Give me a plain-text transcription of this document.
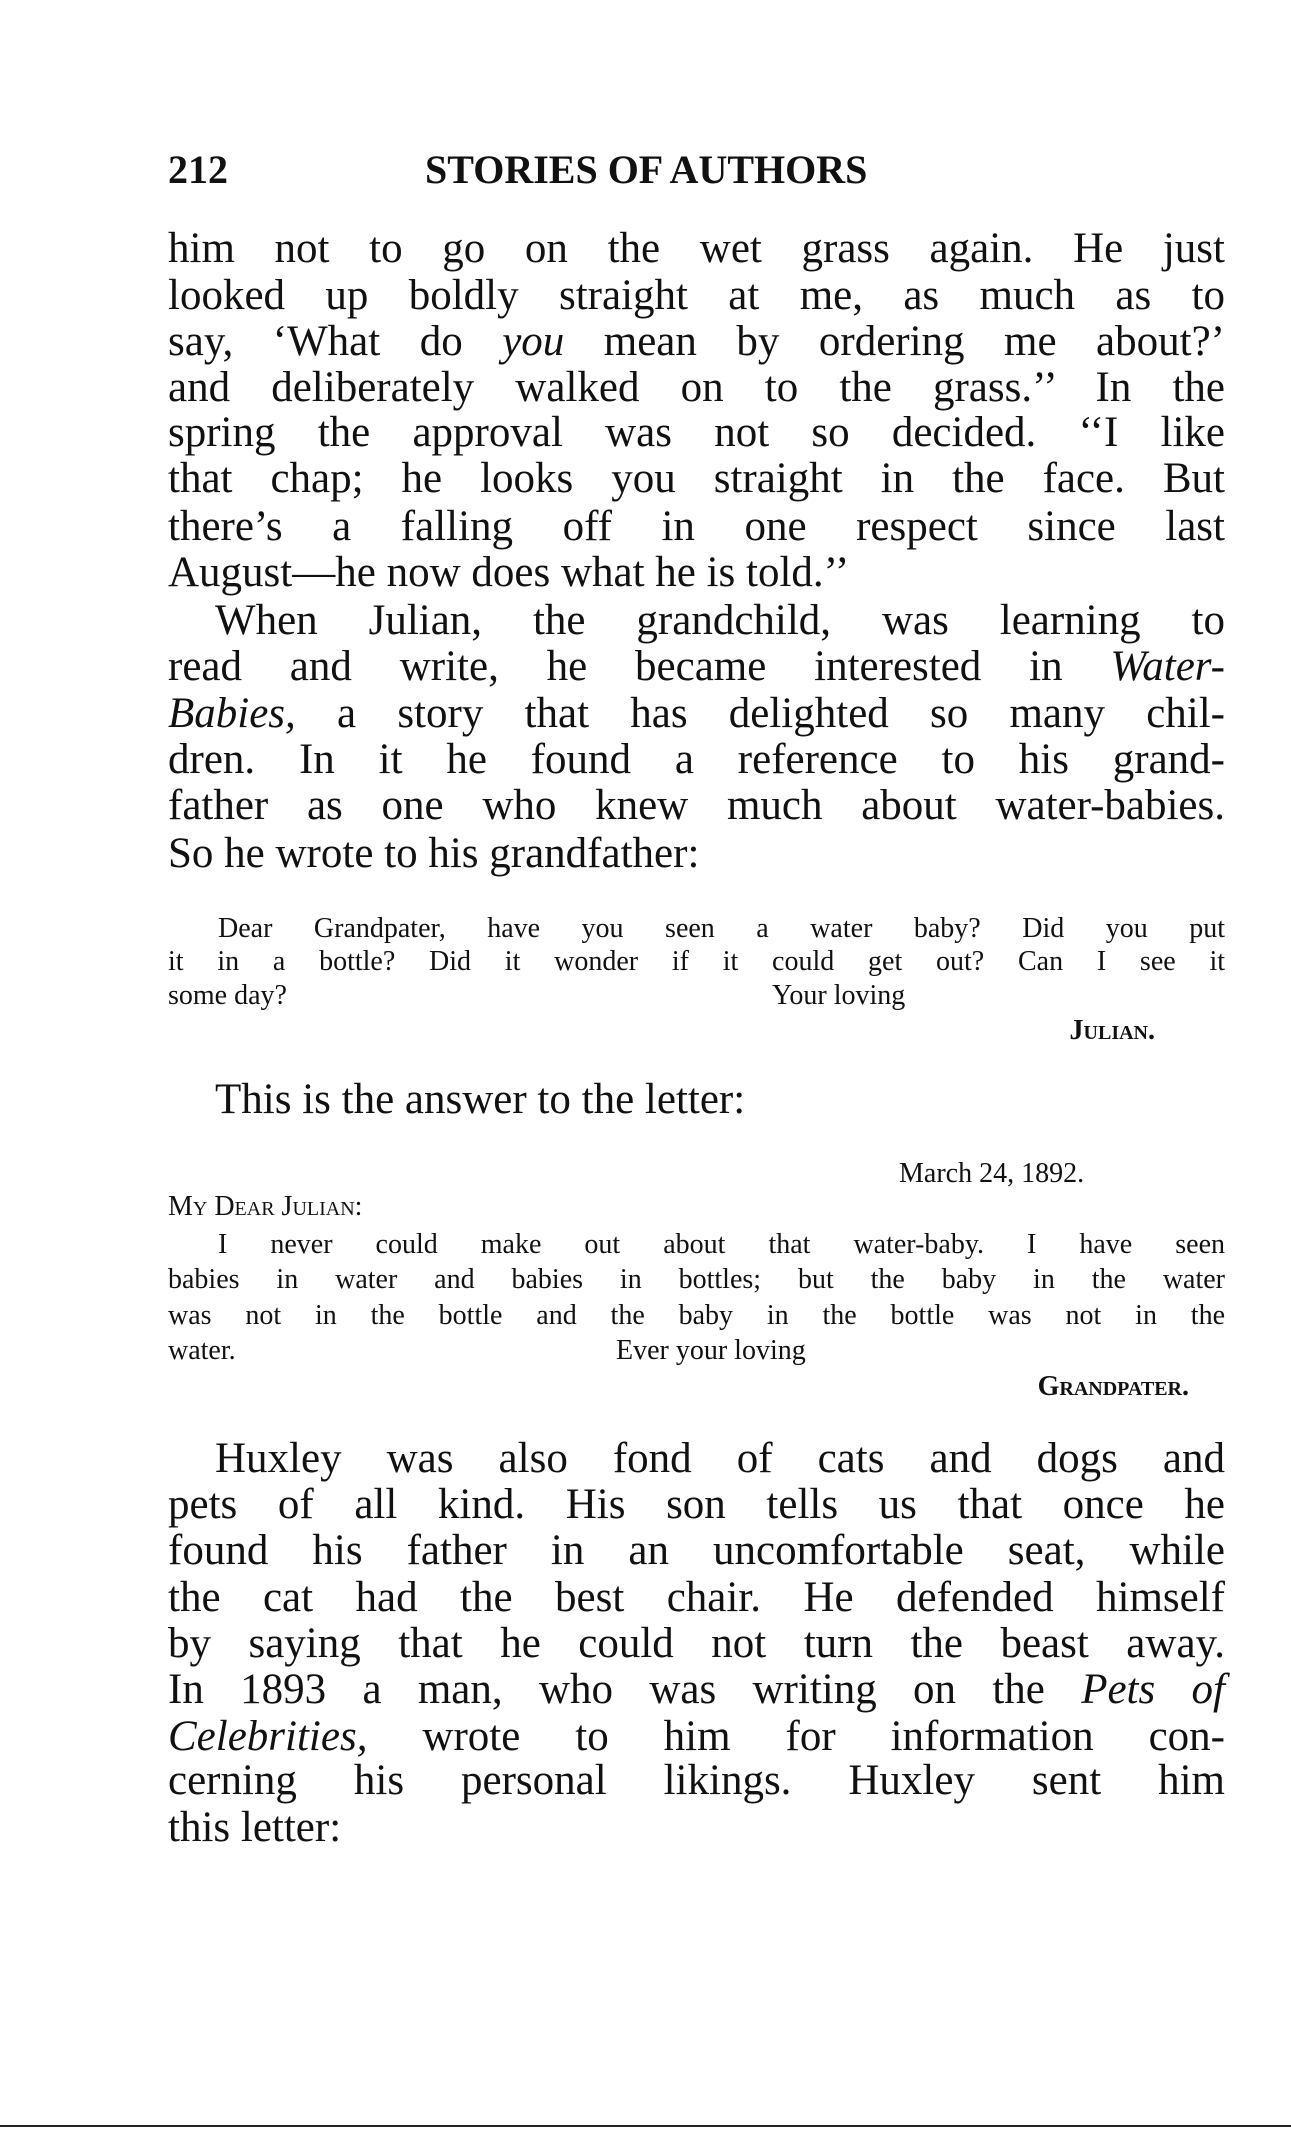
212	STORIES OF AUTHORS
him not to go on the wet grass again. He just
looked up boldly straight at me, as much as to
say, ‘What do you mean by ordering me about?’
and deliberately walked on to the grass.’’ In the
spring the approval was not so decided. ‘‘I like
that chap; he looks you straight in the face. But
there’s a falling off in one respect since last
August—he now does what he is told.’’
When Julian, the grandchild, was learning to
read and write, he became interested in Water-
Babies, a story that has delighted so many chil-
dren. In it he found a reference to his grand-
father as one who knew much about water-babies.
So he wrote to his grandfather:
Dear Grandpater, have you seen a water baby? Did you put
it in a bottle? Did it wonder if it could get out? Can I see it
some day?	Your loving
Julian.
This is the answer to the letter:
March 24, 1892.
My Dear Julian:
I never could make out about that water-baby. I have seen
babies in water and babies in bottles; but the baby in the water
was not in the bottle and the baby in the bottle was not in the
water.	Ever your loving
Grandpater.
Huxley was also fond of cats and dogs and
pets of all kind. His son tells us that once he
found his father in an uncomfortable seat, while
the cat had the best chair. He defended himself
by saying that he could not turn the beast away.
In 1893 a man, who was writing on the Pets of
Celebrities, wrote to him for information con-
cerning his personal likings. Huxley sent him
this letter:
